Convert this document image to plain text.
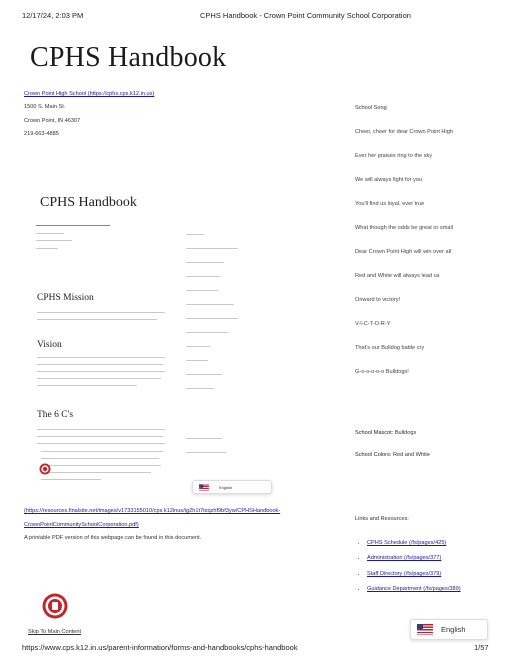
12/17/24, 2:03 PM	CPHS Handbook - Crown Point Community School Corporation
CPHS Handbook
Crown Point High School (https://cphs.cps.k12.in.us)
1500 S. Main St.
Crown Point, IN 46307
219-663-4885
School Song
Cheer, cheer for dear Crown Point High
Ever her praises ring to the sky
We will always fight for you
You'll find us loyal, ever true
What though the odds be great or small
Dear Crown Point High will win over all
Red and White will always lead us
Onward to victory!
V-I-C-T-O-R-Y
That's our Bulldog battle cry
G-o-o-o-o-o Bulldogs!
School Mascot: Bulldogs
School Colors: Red and White
CPHS Handbook
CPHS Mission
Vision
The 6 C's
English
(https://resources.finalsite.net/images/v1733155010/cps k12inus/ig2h1t7tsqzhf9bf3yw/CPHSHandbook-
CrownPointCommunitySchoolCorporation.pdf)
A printable PDF version of this webpage can be found in this document.
Links and Resources:
• CPHS Schedule (/fs/pages/425)
• Administration (/fs/pages/377)
• Staff Directory (/fs/pages/379)
• Guidance Department (/fs/pages/389)
Skip To Main Content	English
https://www.cps.k12.in.us/parent-information/forms-and-handbooks/cphs-handbook	1/57
